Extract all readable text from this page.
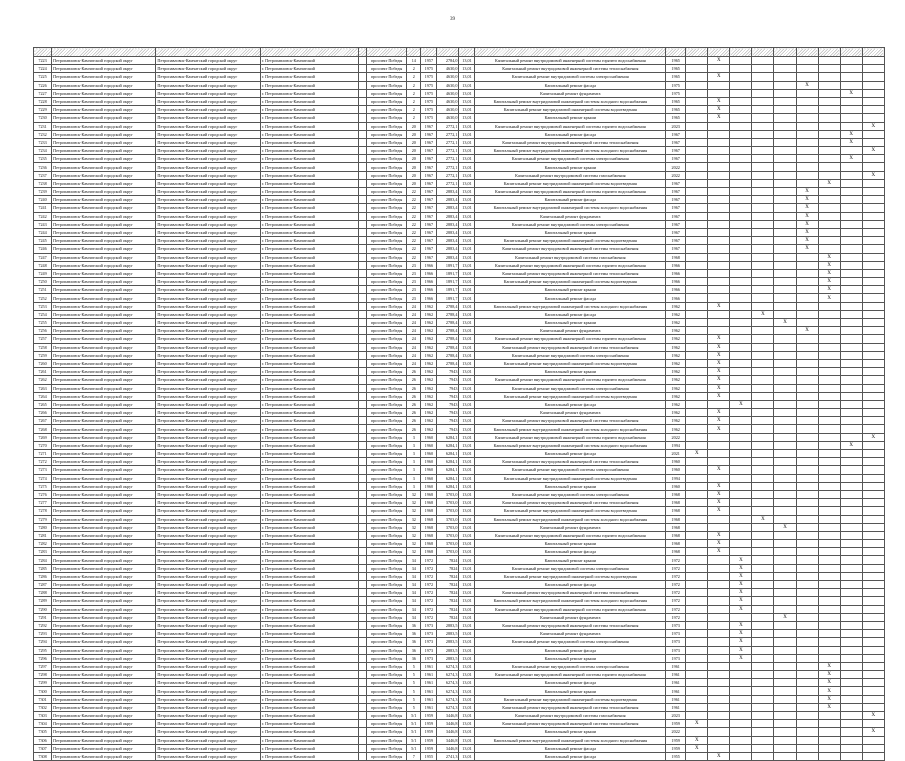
39

7223	Петропавловск-Камчатский городской округ	Петропавловск-Камчатский городской округ	г. Петропавловск-Камчатский		проспект Победы	14	1957	2784,0	13,01	Капитальный ремонт внутридомовой инженерной системы горячего водоснабжения	1965		X							
7224	Петропавловск-Камчатский городской округ	Петропавловск-Камчатский городской округ	г. Петропавловск-Камчатский		проспект Победы	2	1975	4630,0	13,01	Капитальный ремонт внутридомовой инженерной системы теплоснабжения	1965									
7225	Петропавловск-Камчатский городской округ	Петропавловск-Камчатский городской округ	г. Петропавловск-Камчатский		проспект Победы	2	1975	4630,0	13,01	Капитальный ремонт внутридомовой системы электроснабжения	1965		X							
7226	Петропавловск-Камчатский городской округ	Петропавловск-Камчатский городской округ	г. Петропавловск-Камчатский		проспект Победы	2	1975	4630,0	13,01	Капитальный ремонт фасада	1975						X			
7227	Петропавловск-Камчатский городской округ	Петропавловск-Камчатский городской округ	г. Петропавловск-Камчатский		проспект Победы	2	1975	4630,0	13,01	Капитальный ремонт фундамента	1975								X	
7228	Петропавловск-Камчатский городской округ	Петропавловск-Камчатский городской округ	г. Петропавловск-Камчатский		проспект Победы	2	1975	4630,0	13,01	Капитальный ремонт внутридомовой инженерной системы холодного водоснабжения	1965		X							
7229	Петропавловск-Камчатский городской округ	Петропавловск-Камчатский городской округ	г. Петропавловск-Камчатский		проспект Победы	2	1975	4630,0	13,01	Капитальный ремонт внутридомовой инженерной системы водоотведения	1965		X							
7230	Петропавловск-Камчатский городской округ	Петропавловск-Камчатский городской округ	г. Петропавловск-Камчатский		проспект Победы	2	1975	4630,0	13,01	Капитальный ремонт крыши	1965		X							
7231	Петропавловск-Камчатский городской округ	Петропавловск-Камчатский городской округ	г. Петропавловск-Камчатский		проспект Победы	20	1967	2772,1	13,01	Капитальный ремонт внутридомовой инженерной системы горячего водоснабжения	2023									X
7232	Петропавловск-Камчатский городской округ	Петропавловск-Камчатский городской округ	г. Петропавловск-Камчатский		проспект Победы	20	1967	2772,1	13,01	Капитальный ремонт фасада	1967								X	
7233	Петропавловск-Камчатский городской округ	Петропавловск-Камчатский городской округ	г. Петропавловск-Камчатский		проспект Победы	20	1967	2772,1	13,01	Капитальный ремонт внутридомовой инженерной системы теплоснабжения	1967								X	
7234	Петропавловск-Камчатский городской округ	Петропавловск-Камчатский городской округ	г. Петропавловск-Камчатский		проспект Победы	20	1967	2772,1	13,01	Капитальный ремонт внутридомовой инженерной системы холодного водоснабжения	1967									X
7235	Петропавловск-Камчатский городской округ	Петропавловск-Камчатский городской округ	г. Петропавловск-Камчатский		проспект Победы	20	1967	2772,1	13,01	Капитальный ремонт внутридомовой системы электроснабжения	1967								X	
7236	Петропавловск-Камчатский городской округ	Петропавловск-Камчатский городской округ	г. Петропавловск-Камчатский		проспект Победы	20	1967	2772,1	13,01	Капитальный ремонт крыши	2022									
7237	Петропавловск-Камчатский городской округ	Петропавловск-Камчатский городской округ	г. Петропавловск-Камчатский		проспект Победы	20	1967	2772,1	13,01	Капитальный ремонт внутридомовой системы газоснабжения	2022									X
7238	Петропавловск-Камчатский городской округ	Петропавловск-Камчатский городской округ	г. Петропавловск-Камчатский		проспект Победы	20	1967	2772,1	13,01	Капитальный ремонт внутридомовой инженерной системы водоотведения	1967							X		
7239	Петропавловск-Камчатский городской округ	Петропавловск-Камчатский городской округ	г. Петропавловск-Камчатский		проспект Победы	22	1967	2883,4	13,01	Капитальный ремонт внутридомовой инженерной системы горячего водоснабжения	1967						X			
7240	Петропавловск-Камчатский городской округ	Петропавловск-Камчатский городской округ	г. Петропавловск-Камчатский		проспект Победы	22	1967	2883,4	13,01	Капитальный ремонт фасада	1967						X			
7241	Петропавловск-Камчатский городской округ	Петропавловск-Камчатский городской округ	г. Петропавловск-Камчатский		проспект Победы	22	1967	2883,4	13,01	Капитальный ремонт внутридомовой инженерной системы холодного водоснабжения	1967						X			
7242	Петропавловск-Камчатский городской округ	Петропавловск-Камчатский городской округ	г. Петропавловск-Камчатский		проспект Победы	22	1967	2883,4	13,01	Капитальный ремонт фундамента	1967						X			
7243	Петропавловск-Камчатский городской округ	Петропавловск-Камчатский городской округ	г. Петропавловск-Камчатский		проспект Победы	22	1967	2883,4	13,01	Капитальный ремонт внутридомовой системы электроснабжения	1967						X			
7244	Петропавловск-Камчатский городской округ	Петропавловск-Камчатский городской округ	г. Петропавловск-Камчатский		проспект Победы	22	1967	2883,4	13,01	Капитальный ремонт крыши	1967						X			
7245	Петропавловск-Камчатский городской округ	Петропавловск-Камчатский городской округ	г. Петропавловск-Камчатский		проспект Победы	22	1967	2883,4	13,01	Капитальный ремонт внутридомовой инженерной системы водоотведения	1967						X			
7246	Петропавловск-Камчатский городской округ	Петропавловск-Камчатский городской округ	г. Петропавловск-Камчатский		проспект Победы	22	1967	2883,4	13,01	Капитальный ремонт внутридомовой инженерной системы теплоснабжения	1967						X			
7247	Петропавловск-Камчатский городской округ	Петропавловск-Камчатский городской округ	г. Петропавловск-Камчатский		проспект Победы	22	1967	2883,4	13,01	Капитальный ремонт внутридомовой системы газоснабжения	1968							X		
7248	Петропавловск-Камчатский городской округ	Петропавловск-Камчатский городской округ	г. Петропавловск-Камчатский		проспект Победы	23	1966	1891,7	13,01	Капитальный ремонт внутридомовой инженерной системы горячего водоснабжения	1966							X		
7249	Петропавловск-Камчатский городской округ	Петропавловск-Камчатский городской округ	г. Петропавловск-Камчатский		проспект Победы	23	1966	1891,7	13,01	Капитальный ремонт внутридомовой инженерной системы теплоснабжения	1966							X		
7250	Петропавловск-Камчатский городской округ	Петропавловск-Камчатский городской округ	г. Петропавловск-Камчатский		проспект Победы	23	1966	1891,7	13,01	Капитальный ремонт внутридомовой инженерной системы водоотведения	1966							X		
7251	Петропавловск-Камчатский городской округ	Петропавловск-Камчатский городской округ	г. Петропавловск-Камчатский		проспект Победы	23	1966	1891,7	13,01	Капитальный ремонт крыши	1966							X		
7252	Петропавловск-Камчатский городской округ	Петропавловск-Камчатский городской округ	г. Петропавловск-Камчатский		проспект Победы	23	1966	1891,7	13,01	Капитальный ремонт фасада	1966							X		
7253	Петропавловск-Камчатский городской округ	Петропавловск-Камчатский городской округ	г. Петропавловск-Камчатский		проспект Победы	24	1962	2788,4	13,01	Капитальный ремонт внутридомовой инженерной системы холодного водоснабжения	1962		X							
7254	Петропавловск-Камчатский городской округ	Петропавловск-Камчатский городской округ	г. Петропавловск-Камчатский		проспект Победы	24	1962	2788,4	13,01	Капитальный ремонт фасада	1962				X					
7255	Петропавловск-Камчатский городской округ	Петропавловск-Камчатский городской округ	г. Петропавловск-Камчатский		проспект Победы	24	1962	2788,4	13,01	Капитальный ремонт крыши	1962					X				
7256	Петропавловск-Камчатский городской округ	Петропавловск-Камчатский городской округ	г. Петропавловск-Камчатский		проспект Победы	24	1962	2788,4	13,01	Капитальный ремонт фундамента	1962						X			
7257	Петропавловск-Камчатский городской округ	Петропавловск-Камчатский городской округ	г. Петропавловск-Камчатский		проспект Победы	24	1962	2788,4	13,01	Капитальный ремонт внутридомовой инженерной системы горячего водоснабжения	1962		X							
7258	Петропавловск-Камчатский городской округ	Петропавловск-Камчатский городской округ	г. Петропавловск-Камчатский		проспект Победы	24	1962	2788,4	13,01	Капитальный ремонт внутридомовой инженерной системы теплоснабжения	1962		X							
7259	Петропавловск-Камчатский городской округ	Петропавловск-Камчатский городской округ	г. Петропавловск-Камчатский		проспект Победы	24	1962	2788,4	13,01	Капитальный ремонт внутридомовой системы электроснабжения	1962		X							
7260	Петропавловск-Камчатский городской округ	Петропавловск-Камчатский городской округ	г. Петропавловск-Камчатский		проспект Победы	24	1962	2788,4	13,01	Капитальный ремонт внутридомовой инженерной системы водоотведения	1962		X							
7261	Петропавловск-Камчатский городской округ	Петропавловск-Камчатский городской округ	г. Петропавловск-Камчатский		проспект Победы	26	1962	7943	13,01	Капитальный ремонт крыши	1962		X							
7262	Петропавловск-Камчатский городской округ	Петропавловск-Камчатский городской округ	г. Петропавловск-Камчатский		проспект Победы	26	1962	7943	13,01	Капитальный ремонт внутридомовой инженерной системы горячего водоснабжения	1962		X							
7263	Петропавловск-Камчатский городской округ	Петропавловск-Камчатский городской округ	г. Петропавловск-Камчатский		проспект Победы	26	1962	7943	13,01	Капитальный ремонт внутридомовой системы электроснабжения	1962		X							
7264	Петропавловск-Камчатский городской округ	Петропавловск-Камчатский городской округ	г. Петропавловск-Камчатский		проспект Победы	26	1962	7943	13,01	Капитальный ремонт внутридомовой инженерной системы водоотведения	1962		X							
7265	Петропавловск-Камчатский городской округ	Петропавловск-Камчатский городской округ	г. Петропавловск-Камчатский		проспект Победы	26	1962	7943	13,01	Капитальный ремонт фасада	1962			X						
7266	Петропавловск-Камчатский городской округ	Петропавловск-Камчатский городской округ	г. Петропавловск-Камчатский		проспект Победы	26	1962	7943	13,01	Капитальный ремонт фундамента	1962		X							
7267	Петропавловск-Камчатский городской округ	Петропавловск-Камчатский городской округ	г. Петропавловск-Камчатский		проспект Победы	26	1962	7943	13,01	Капитальный ремонт внутридомовой инженерной системы теплоснабжения	1962		X							
7268	Петропавловск-Камчатский городской округ	Петропавловск-Камчатский городской округ	г. Петропавловск-Камчатский		проспект Победы	26	1962	7943	13,01	Капитальный ремонт внутридомовой инженерной системы холодного водоснабжения	1962		X							
7269	Петропавловск-Камчатский городской округ	Петропавловск-Камчатский городской округ	г. Петропавловск-Камчатский		проспект Победы	3	1960	6284,1	13,01	Капитальный ремонт внутридомовой инженерной системы горячего водоснабжения	2022									X
7270	Петропавловск-Камчатский городской округ	Петропавловск-Камчатский городской округ	г. Петропавловск-Камчатский		проспект Победы	3	1960	6284,1	13,01	Капитальный ремонт внутридомовой инженерной системы холодного водоснабжения	1994								X	
7271	Петропавловск-Камчатский городской округ	Петропавловск-Камчатский городской округ	г. Петропавловск-Камчатский		проспект Победы	3	1960	6284,1	13,01	Капитальный ремонт фасада	2021	X								
7272	Петропавловск-Камчатский городской округ	Петропавловск-Камчатский городской округ	г. Петропавловск-Камчатский		проспект Победы	3	1960	6284,1	13,01	Капитальный ремонт внутридомовой инженерной системы теплоснабжения	1960									
7273	Петропавловск-Камчатский городской округ	Петропавловск-Камчатский городской округ	г. Петропавловск-Камчатский		проспект Победы	3	1960	6284,1	13,01	Капитальный ремонт внутридомовой системы электроснабжения	1960		X							
7274	Петропавловск-Камчатский городской округ	Петропавловск-Камчатский городской округ	г. Петропавловск-Камчатский		проспект Победы	3	1960	6284,1	13,01	Капитальный ремонт внутридомовой инженерной системы водоотведения	1994									
7275	Петропавловск-Камчатский городской округ	Петропавловск-Камчатский городской округ	г. Петропавловск-Камчатский		проспект Победы	3	1960	6284,1	13,01	Капитальный ремонт крыши	1960		X							
7276	Петропавловск-Камчатский городской округ	Петропавловск-Камчатский городской округ	г. Петропавловск-Камчатский		проспект Победы	32	1968	3703,0	13,01	Капитальный ремонт внутридомовой системы электроснабжения	1968		X							
7277	Петропавловск-Камчатский городской округ	Петропавловск-Камчатский городской округ	г. Петропавловск-Камчатский		проспект Победы	32	1968	3703,0	13,01	Капитальный ремонт внутридомовой инженерной системы теплоснабжения	1968		X							
7278	Петропавловск-Камчатский городской округ	Петропавловск-Камчатский городской округ	г. Петропавловск-Камчатский		проспект Победы	32	1968	3703,0	13,01	Капитальный ремонт внутридомовой инженерной системы водоотведения	1968		X							
7279	Петропавловск-Камчатский городской округ	Петропавловск-Камчатский городской округ	г. Петропавловск-Камчатский		проспект Победы	32	1968	3703,0	13,01	Капитальный ремонт внутридомовой инженерной системы холодного водоснабжения	1968				X					
7280	Петропавловск-Камчатский городской округ	Петропавловск-Камчатский городской округ	г. Петропавловск-Камчатский		проспект Победы	32	1968	3703,0	13,01	Капитальный ремонт фундамента	1968					X				
7281	Петропавловск-Камчатский городской округ	Петропавловск-Камчатский городской округ	г. Петропавловск-Камчатский		проспект Победы	32	1968	3703,0	13,01	Капитальный ремонт внутридомовой инженерной системы горячего водоснабжения	1968		X							
7282	Петропавловск-Камчатский городской округ	Петропавловск-Камчатский городской округ	г. Петропавловск-Камчатский		проспект Победы	32	1968	3703,0	13,01	Капитальный ремонт крыши	1968		X							
7283	Петропавловск-Камчатский городской округ	Петропавловск-Камчатский городской округ	г. Петропавловск-Камчатский		проспект Победы	32	1968	3703,0	13,01	Капитальный ремонт фасада	1968		X							
7284	Петропавловск-Камчатский городской округ	Петропавловск-Камчатский городской округ	г. Петропавловск-Камчатский		проспект Победы	34	1972	7824	13,01	Капитальный ремонт крыши	1972			X						
7285	Петропавловск-Камчатский городской округ	Петропавловск-Камчатский городской округ	г. Петропавловск-Камчатский		проспект Победы	34	1972	7824	13,01	Капитальный ремонт внутридомовой системы электроснабжения	1972			X						
7286	Петропавловск-Камчатский городской округ	Петропавловск-Камчатский городской округ	г. Петропавловск-Камчатский		проспект Победы	34	1972	7824	13,01	Капитальный ремонт внутридомовой инженерной системы водоотведения	1972			X						
7287	Петропавловск-Камчатский городской округ	Петропавловск-Камчатский городской округ	г. Петропавловск-Камчатский		проспект Победы	34	1972	7824	13,01	Капитальный ремонт фасада	1972			X						
7288	Петропавловск-Камчатский городской округ	Петропавловск-Камчатский городской округ	г. Петропавловск-Камчатский		проспект Победы	34	1972	7824	13,01	Капитальный ремонт внутридомовой инженерной системы теплоснабжения	1972			X						
7289	Петропавловск-Камчатский городской округ	Петропавловск-Камчатский городской округ	г. Петропавловск-Камчатский		проспект Победы	34	1972	7824	13,01	Капитальный ремонт внутридомовой инженерной системы холодного водоснабжения	1972			X						
7290	Петропавловск-Камчатский городской округ	Петропавловск-Камчатский городской округ	г. Петропавловск-Камчатский		проспект Победы	34	1972	7824	13,01	Капитальный ремонт внутридомовой инженерной системы горячего водоснабжения	1972			X						
7291	Петропавловск-Камчатский городской округ	Петропавловск-Камчатский городской округ	г. Петропавловск-Камчатский		проспект Победы	34	1972	7824	13,01	Капитальный ремонт фундамента	1972					X				
7292	Петропавловск-Камчатский городской округ	Петропавловск-Камчатский городской округ	г. Петропавловск-Камчатский		проспект Победы	36	1973	2883,5	13,01	Капитальный ремонт внутридомовой инженерной системы теплоснабжения	1973			X						
7293	Петропавловск-Камчатский городской округ	Петропавловск-Камчатский городской округ	г. Петропавловск-Камчатский		проспект Победы	36	1973	2883,5	13,01	Капитальный ремонт фундамента	1973			X						
7294	Петропавловск-Камчатский городской округ	Петропавловск-Камчатский городской округ	г. Петропавловск-Камчатский		проспект Победы	36	1973	2883,5	13,01	Капитальный ремонт внутридомовой системы электроснабжения	1973			X						
7295	Петропавловск-Камчатский городской округ	Петропавловск-Камчатский городской округ	г. Петропавловск-Камчатский		проспект Победы	36	1973	2883,5	13,01	Капитальный ремонт фасада	1973			X						
7296	Петропавловск-Камчатский городской округ	Петропавловск-Камчатский городской округ	г. Петропавловск-Камчатский		проспект Победы	36	1973	2883,5	13,01	Капитальный ремонт крыши	1973			X						
7297	Петропавловск-Камчатский городской округ	Петропавловск-Камчатский городской округ	г. Петропавловск-Камчатский		проспект Победы	5	1961	6274,3	13,01	Капитальный ремонт внутридомовой системы электроснабжения	1961							X		
7298	Петропавловск-Камчатский городской округ	Петропавловск-Камчатский городской округ	г. Петропавловск-Камчатский		проспект Победы	5	1961	6274,3	13,01	Капитальный ремонт внутридомовой инженерной системы горячего водоснабжения	1961							X		
7299	Петропавловск-Камчатский городской округ	Петропавловск-Камчатский городской округ	г. Петропавловск-Камчатский		проспект Победы	5	1961	6274,3	13,01	Капитальный ремонт фасада	1961							X		
7300	Петропавловск-Камчатский городской округ	Петропавловск-Камчатский городской округ	г. Петропавловск-Камчатский		проспект Победы	5	1961	6274,3	13,01	Капитальный ремонт крыши	1961							X		
7301	Петропавловск-Камчатский городской округ	Петропавловск-Камчатский городской округ	г. Петропавловск-Камчатский		проспект Победы	5	1961	6274,3	13,01	Капитальный ремонт внутридомовой инженерной системы водоотведения	1961							X		
7302	Петропавловск-Камчатский городской округ	Петропавловск-Камчатский городской округ	г. Петропавловск-Камчатский		проспект Победы	5	1961	6274,3	13,01	Капитальный ремонт внутридомовой инженерной системы теплоснабжения	1961							X		
7303	Петропавловск-Камчатский городской округ	Петропавловск-Камчатский городской округ	г. Петропавловск-Камчатский		проспект Победы	5/1	1959	3446,8	13,01	Капитальный ремонт внутридомовой системы газоснабжения	2023									X
7304	Петропавловск-Камчатский городской округ	Петропавловск-Камчатский городской округ	г. Петропавловск-Камчатский		проспект Победы	5/1	1959	3446,8	13,01	Капитальный ремонт внутридомовой инженерной системы теплоснабжения	1959	X								
7305	Петропавловск-Камчатский городской округ	Петропавловск-Камчатский городской округ	г. Петропавловск-Камчатский		проспект Победы	5/1	1959	3446,8	13,01	Капитальный ремонт крыши	2022									X
7306	Петропавловск-Камчатский городской округ	Петропавловск-Камчатский городской округ	г. Петропавловск-Камчатский		проспект Победы	5/1	1959	3446,8	13,01	Капитальный ремонт внутридомовой инженерной системы холодного водоснабжения	1959	X								
7307	Петропавловск-Камчатский городской округ	Петропавловск-Камчатский городской округ	г. Петропавловск-Камчатский		проспект Победы	5/1	1959	3446,8	13,01	Капитальный ремонт фасада	1959	X								
7308	Петропавловск-Камчатский городской округ	Петропавловск-Камчатский городской округ	г. Петропавловск-Камчатский		проспект Победы	7	1955	2741,3	13,01	Капитальный ремонт фасада	1955		X							
